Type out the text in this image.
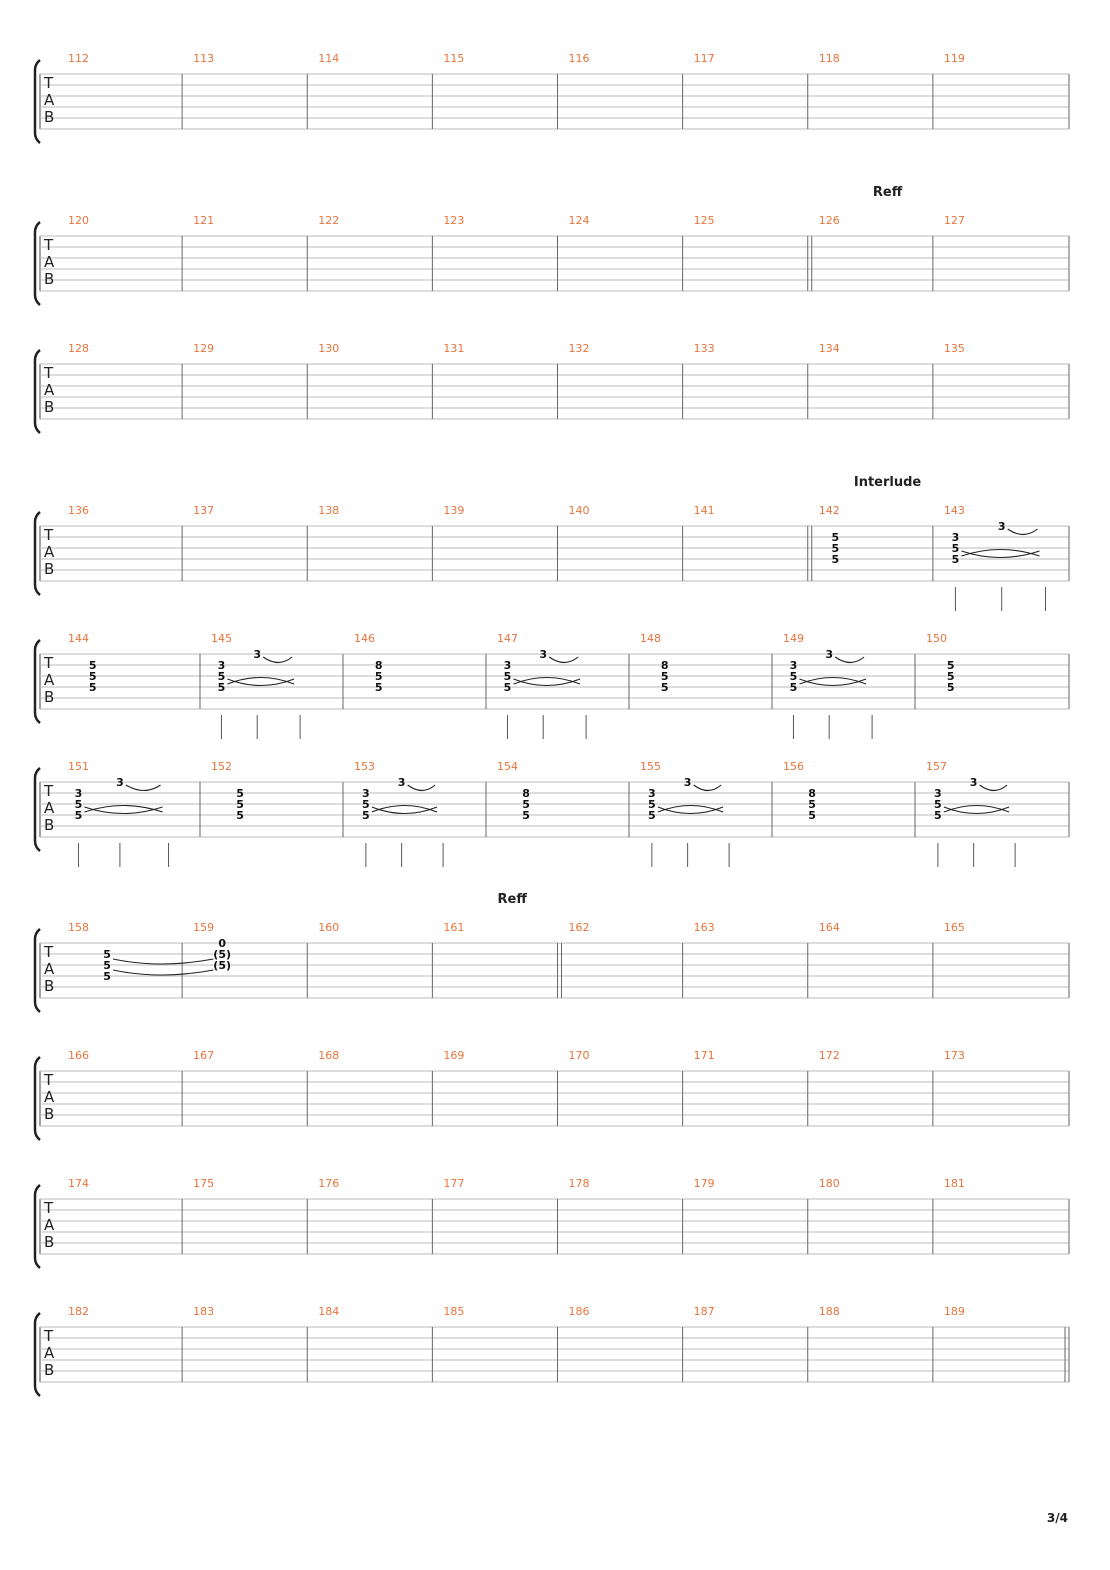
T
A
B
112	113	114	115	116	117	118	119
T
A
B
120	121	122	123	124	125	126	127
Reff
T
A
B
128	129	130	131	132	133	134	135
T
A
B
136	137	138	139	140	141	142	143
Interlude
5
5
5
3
5
5
3
T
A
B
144	145	146	147	148	149	150
5
5
5
3
5
5
3
8
5
5
3
5
5
3
8
5
5
3
5
5
3
5
5
5
T
A
B
151	152	153	154	155	156	157
3
5
5
3
5
5
5
3
5
5
3
8
5
5
3
5
5
3
8
5
5
3
5
5
3
T
A
B
158	159	160	161	162	163	164	165
Reff
5
5
5
0
(5)
(5)
T
A
B
166	167	168	169	170	171	172	173
T
A
B
174	175	176	177	178	179	180	181
T
A
B
182	183	184	185	186	187	188	189
3/4
